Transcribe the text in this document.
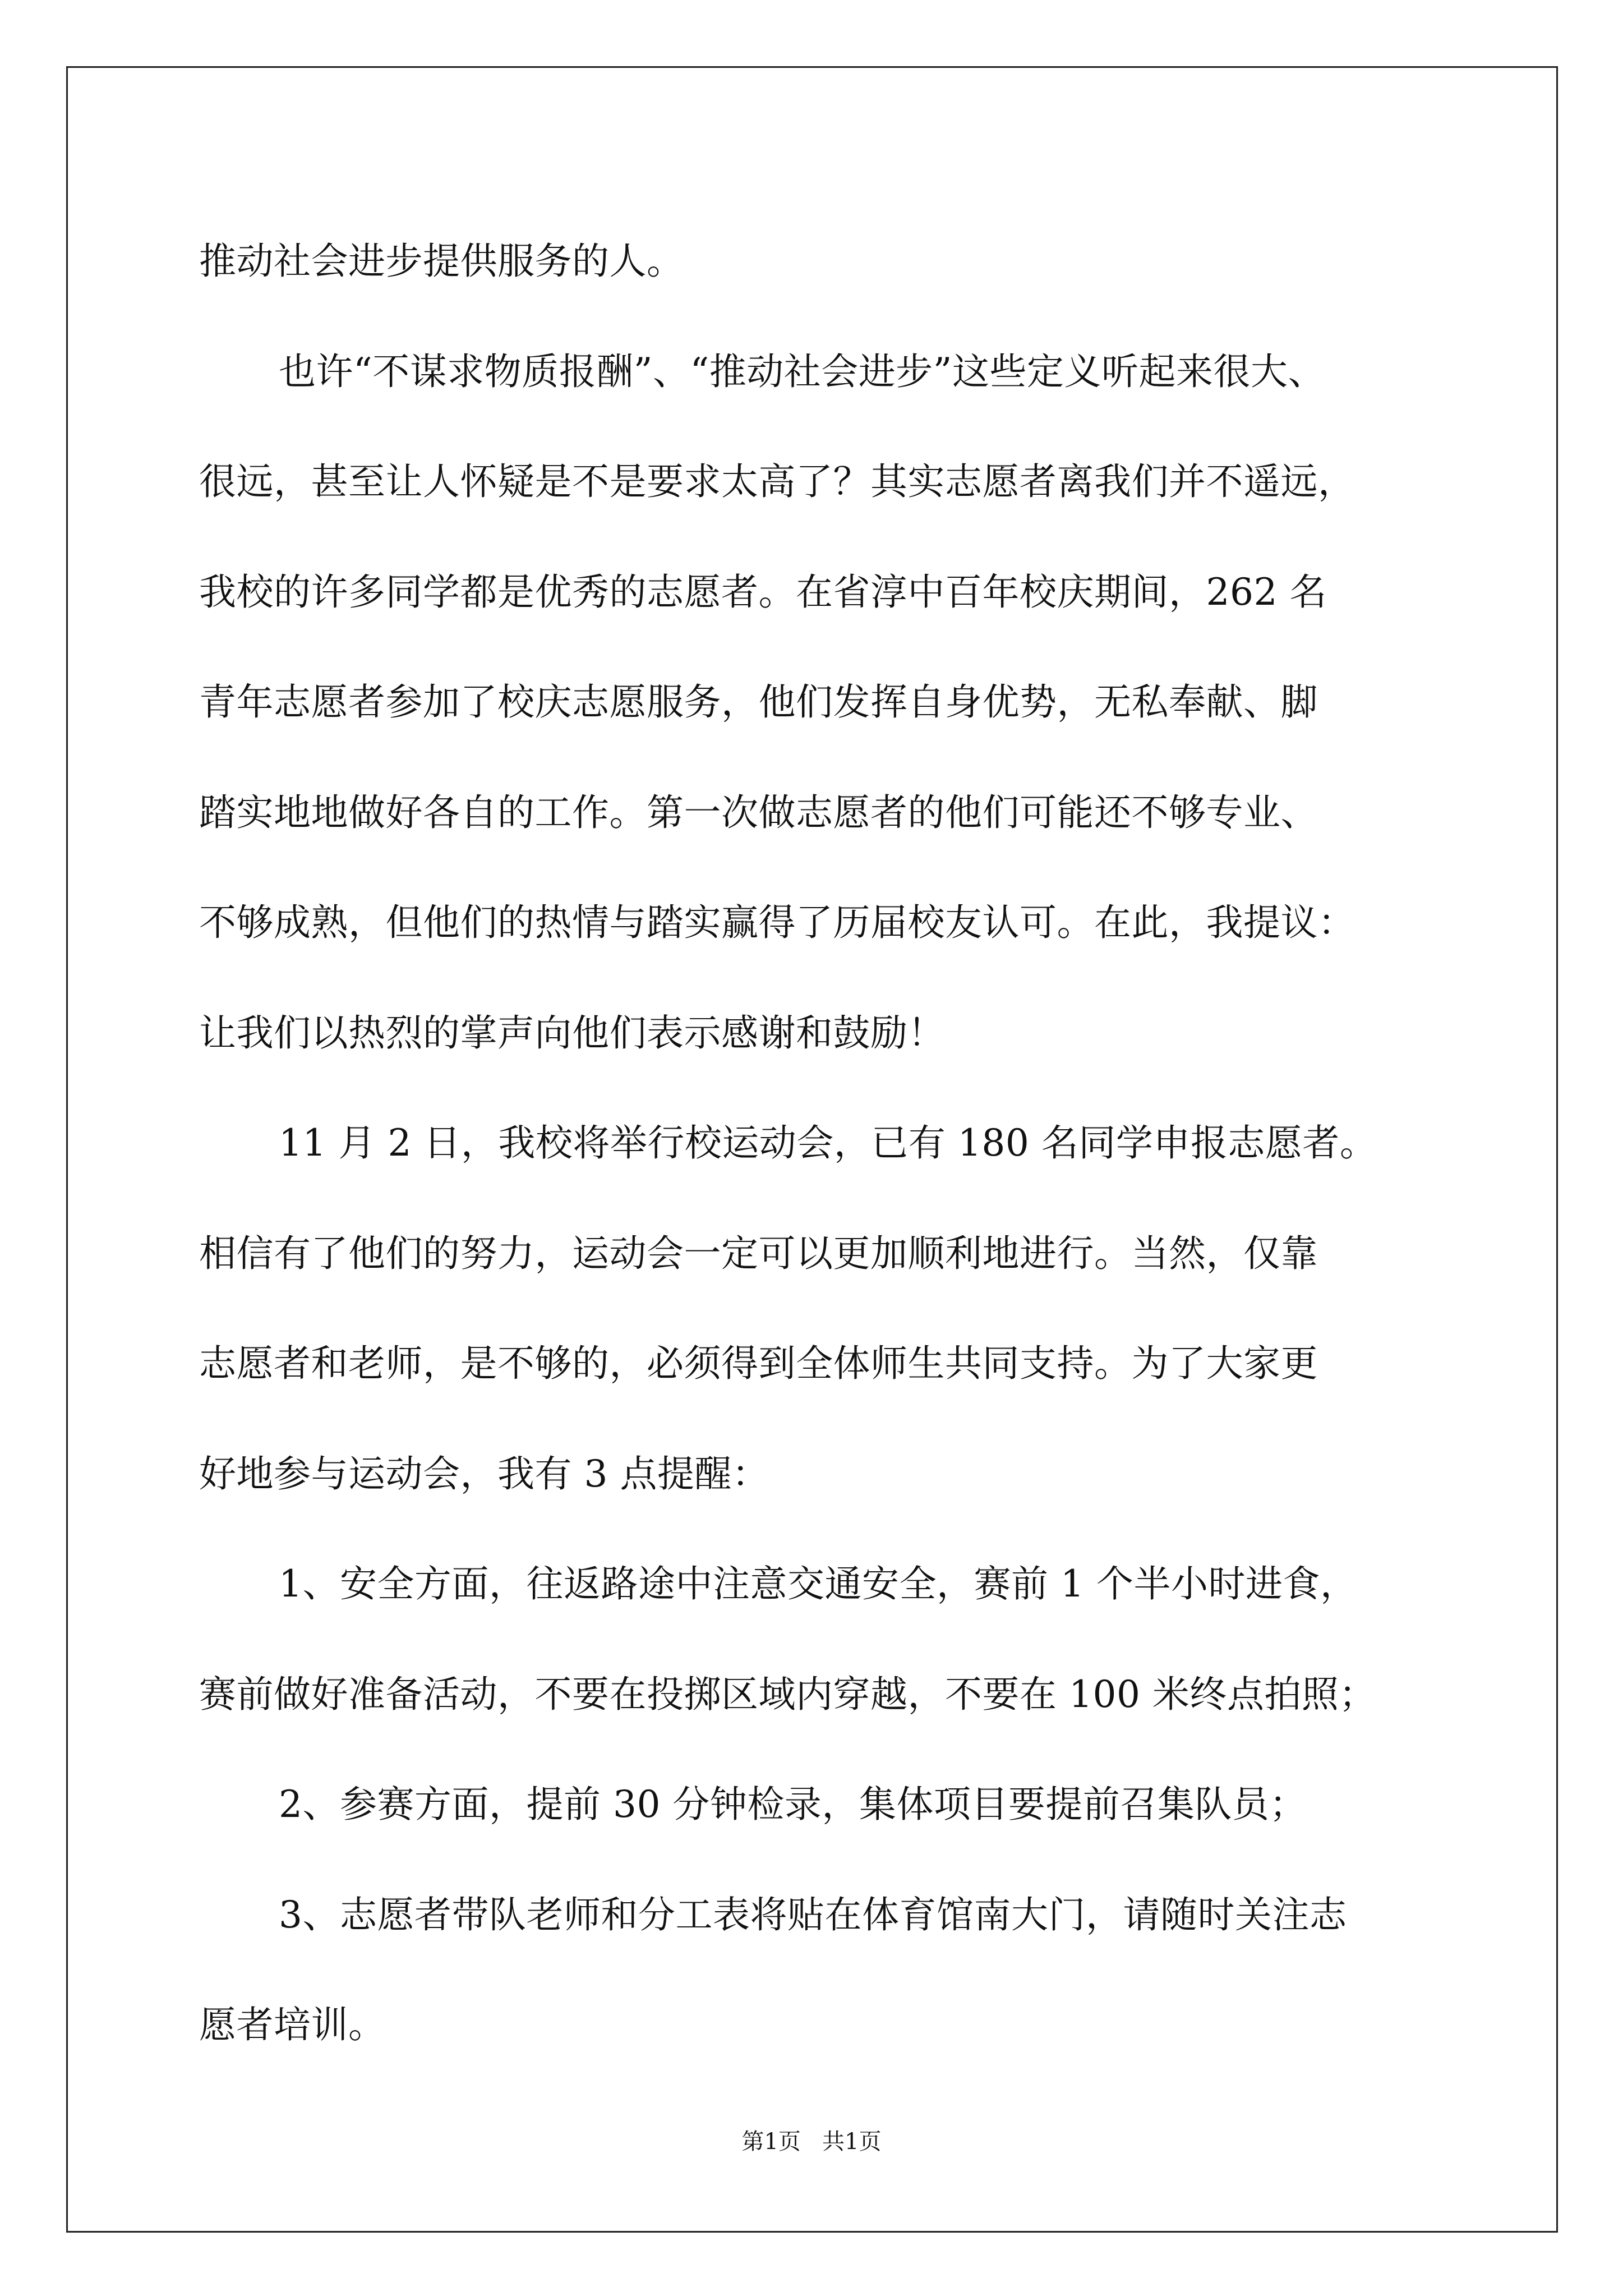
推动社会进步提供服务的人。
也许“不谋求物质报酬”、“推动社会进步”这些定义听起来很大、
很远，甚至让人怀疑是不是要求太高了？其实志愿者离我们并不遥远，
我校的许多同学都是优秀的志愿者。在省淳中百年校庆期间，262 名
青年志愿者参加了校庆志愿服务，他们发挥自身优势，无私奉献、脚
踏实地地做好各自的工作。第一次做志愿者的他们可能还不够专业、
不够成熟，但他们的热情与踏实赢得了历届校友认可。在此，我提议：
让我们以热烈的掌声向他们表示感谢和鼓励！
11 月 2 日，我校将举行校运动会，已有 180 名同学申报志愿者。
相信有了他们的努力，运动会一定可以更加顺利地进行。当然，仅靠
志愿者和老师，是不够的，必须得到全体师生共同支持。为了大家更
好地参与运动会，我有 3 点提醒：
1、安全方面，往返路途中注意交通安全，赛前 1 个半小时进食，
赛前做好准备活动，不要在投掷区域内穿越，不要在 100 米终点拍照；
2、参赛方面，提前 30 分钟检录，集体项目要提前召集队员；
3、志愿者带队老师和分工表将贴在体育馆南大门，请随时关注志
愿者培训。
第1页   共1页
